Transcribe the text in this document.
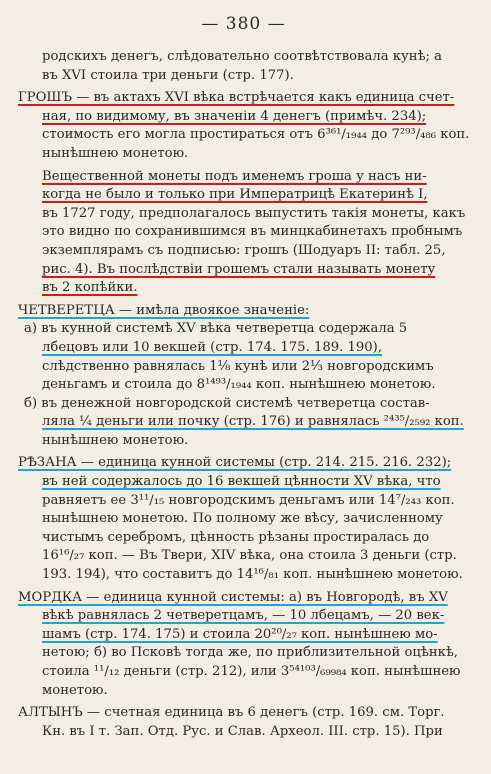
— 380 —
родскихъ денегъ, слѣдовательно соотвѣтствовала кунѣ; а
въ XVI стоила три деньги (стр. 177).
ГРОШЪ — въ актахъ XVI вѣка встрѣчается какъ единица счет-
ная, по видимому, въ значеніи 4 денегъ (примѣч. 234);
стоимость его могла простираться отъ 6³⁶¹/₁₉₄₄ до 7²⁹³/₄₈₆ коп.
нынѣшнею монетою.
Вещественной монеты подъ именемъ гроша у насъ ни-
когда не было и только при Императрицѣ Екатеринѣ I,
въ 1727 году, предполагалось выпустить такія монеты, какъ
это видно по сохранившимся въ минцкабинетахъ пробнымъ
экземплярамъ съ подписью: грошъ (Шодуаръ II: табл. 25,
рис. 4). Въ послѣдствіи грошемъ стали называть монету
въ 2 копѣйки.
ЧЕТВЕРЕТЦА — имѣла двоякое значеніе:
а) въ кунной системѣ XV вѣка четверетца содержала 5
лбецовъ или 10 векшей (стр. 174. 175. 189. 190),
слѣдственно равнялась 1⅛ кунѣ или 2⅓ новгородскимъ
деньгамъ и стоила до 8¹⁴⁹³/₁₉₄₄ коп. нынѣшнею монетою.
б) въ денежной новгородской системѣ четверетца состав-
ляла ¼ деньги или почку (стр. 176) и равнялась ²⁴³⁵/₂₅₉₂ коп.
нынѣшнею монетою.
РѢЗАНА — единица кунной системы (стр. 214. 215. 216. 232);
въ ней содержалось до 16 векшей цѣнности XV вѣка, что
равняетъ ее 3¹¹/₁₅ новгородскимъ деньгамъ или 14⁷/₂₄₃ коп.
нынѣшнею монетою. По полному же вѣсу, зачисленному
чистымъ серебромъ, цѣнность рѣзаны простиралась до
16¹⁶/₂₇ коп. — Въ Твери, XIV вѣка, она стоила 3 деньги (стр.
193. 194), что составитъ до 14¹⁶/₈₁ коп. нынѣшнею монетою.
МОРДКА — единица кунной системы: а) въ Новгородѣ, въ XV
вѣкѣ равнялась 2 четверетцамъ, — 10 лбецамъ, — 20 век-
шамъ (стр. 174. 175) и стоила 20²⁰/₂₇ коп. нынѣшнею мо-
нетою; б) во Псковѣ тогда же, по приблизительной оцѣнкѣ,
стоила ¹¹/₁₂ деньги (стр. 212), или 3⁵⁴¹⁰³/₆₉₉₈₄ коп. нынѣшнею
монетою.
АЛТЫНЪ — счетная единица въ 6 денегъ (стр. 169. см. Торг.
Кн. въ I т. Зап. Отд. Рус. и Слав. Археол. III. стр. 15). При
